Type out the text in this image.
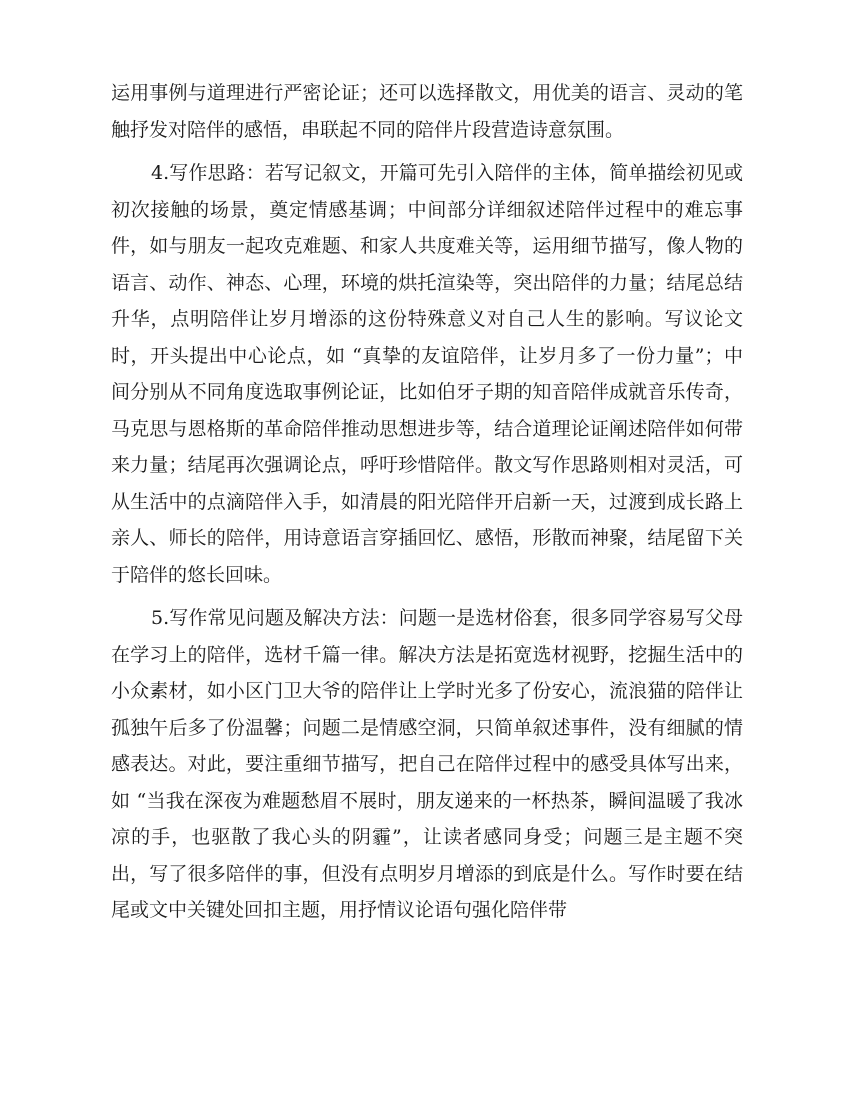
运用事例与道理进行严密论证；还可以选择散文，用优美的语言、灵动的笔触抒发对陪伴的感悟，串联起不同的陪伴片段营造诗意氛围。

4.写作思路：若写记叙文，开篇可先引入陪伴的主体，简单描绘初见或初次接触的场景，奠定情感基调；中间部分详细叙述陪伴过程中的难忘事件，如与朋友一起攻克难题、和家人共度难关等，运用细节描写，像人物的语言、动作、神态、心理，环境的烘托渲染等，突出陪伴的力量；结尾总结升华，点明陪伴让岁月增添的这份特殊意义对自己人生的影响。写议论文时，开头提出中心论点，如 “真挚的友谊陪伴，让岁月多了一份力量”；中间分别从不同角度选取事例论证，比如伯牙子期的知音陪伴成就音乐传奇，马克思与恩格斯的革命陪伴推动思想进步等，结合道理论证阐述陪伴如何带来力量；结尾再次强调论点，呼吁珍惜陪伴。散文写作思路则相对灵活，可从生活中的点滴陪伴入手，如清晨的阳光陪伴开启新一天，过渡到成长路上亲人、师长的陪伴，用诗意语言穿插回忆、感悟，形散而神聚，结尾留下关于陪伴的悠长回味。

5.写作常见问题及解决方法：问题一是选材俗套，很多同学容易写父母在学习上的陪伴，选材千篇一律。解决方法是拓宽选材视野，挖掘生活中的小众素材，如小区门卫大爷的陪伴让上学时光多了份安心，流浪猫的陪伴让孤独午后多了份温馨；问题二是情感空洞，只简单叙述事件，没有细腻的情感表达。对此，要注重细节描写，把自己在陪伴过程中的感受具体写出来，如 “当我在深夜为难题愁眉不展时，朋友递来的一杯热茶，瞬间温暖了我冰凉的手，也驱散了我心头的阴霾”，让读者感同身受；问题三是主题不突出，写了很多陪伴的事，但没有点明岁月增添的到底是什么。写作时要在结尾或文中关键处回扣主题，用抒情议论语句强化陪伴带
